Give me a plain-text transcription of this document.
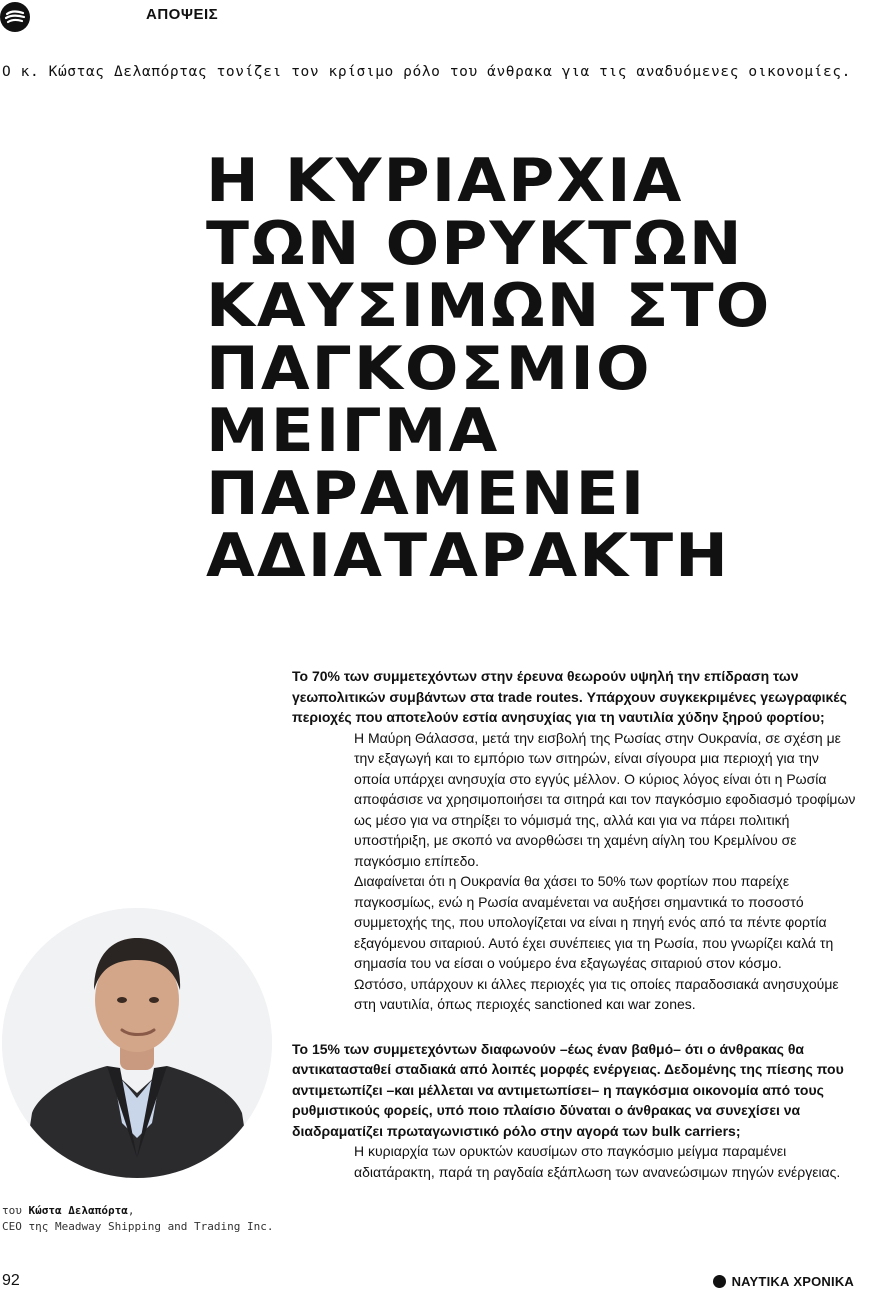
ΑΠΟΨΕΙΣ
Ο κ. Κώστας Δελαπόρτας τονίζει τον κρίσιμο ρόλο του άνθρακα για τις αναδυόμενες οικονομίες.
Η ΚΥΡΙΑΡΧΙΑ
ΤΩΝ ΟΡΥΚΤΩΝ
ΚΑΥΣΙΜΩΝ ΣΤΟ
ΠΑΓΚΟΣΜΙΟ
ΜΕΙΓΜΑ
ΠΑΡΑΜΕΝΕΙ
ΑΔΙΑΤΑΡΑΚΤΗ

Το 70% των συμμετεχόντων στην έρευνα θεωρούν υψηλή την επίδραση των γεωπολιτικών συμβάντων στα trade routes. Υπάρχουν συγκεκριμένες γεωγραφικές περιοχές που αποτελούν εστία ανησυχίας για τη ναυτιλία χύδην ξηρού φορτίου;

Η Μαύρη Θάλασσα, μετά την εισβολή της Ρωσίας στην Ουκρανία, σε σχέση με την εξαγωγή και το εμπόριο των σιτηρών, είναι σίγουρα μια περιοχή για την οποία υπάρχει ανησυχία στο εγγύς μέλλον. Ο κύριος λόγος είναι ότι η Ρωσία αποφάσισε να χρησιμοποιήσει τα σιτηρά και τον παγκόσμιο εφοδιασμό τροφίμων ως μέσο για να στηρίξει το νόμισμά της, αλλά και για να πάρει πολιτική υποστήριξη, με σκοπό να ανορθώσει τη χαμένη αίγλη του Κρεμλίνου σε παγκόσμιο επίπεδο.

Διαφαίνεται ότι η Ουκρανία θα χάσει το 50% των φορτίων που παρείχε παγκοσμίως, ενώ η Ρωσία αναμένεται να αυξήσει σημαντικά το ποσοστό συμμετοχής της, που υπολογίζεται να είναι η πηγή ενός από τα πέντε φορτία εξαγόμενου σιταριού. Αυτό έχει συνέπειες για τη Ρωσία, που γνωρίζει καλά τη σημασία του να είσαι ο νούμερο ένα εξαγωγέας σιταριού στον κόσμο.

Ωστόσο, υπάρχουν κι άλλες περιοχές για τις οποίες παραδοσιακά ανησυχούμε στη ναυτιλία, όπως περιοχές sanctioned και war zones.

Το 15% των συμμετεχόντων διαφωνούν –έως έναν βαθμό– ότι ο άνθρακας θα αντικατασταθεί σταδιακά από λοιπές μορφές ενέργειας. Δεδομένης της πίεσης που αντιμετωπίζει –και μέλλεται να αντιμετωπίσει– η παγκόσμια οικονομία από τους ρυθμιστικούς φορείς, υπό ποιο πλαίσιο δύναται ο άνθρακας να συνεχίσει να διαδραματίζει πρωταγωνιστικό ρόλο στην αγορά των bulk carriers;

Η κυριαρχία των ορυκτών καυσίμων στο παγκόσμιο μείγμα παραμένει αδιατάρακτη, παρά τη ραγδαία εξάπλωση των ανανεώσιμων πηγών ενέργειας.

του Κώστα Δελαπόρτα,
CEO της Meadway Shipping and Trading Inc.
92	ΝΑΥΤΙΚΑ ΧΡΟΝΙΚΑ
